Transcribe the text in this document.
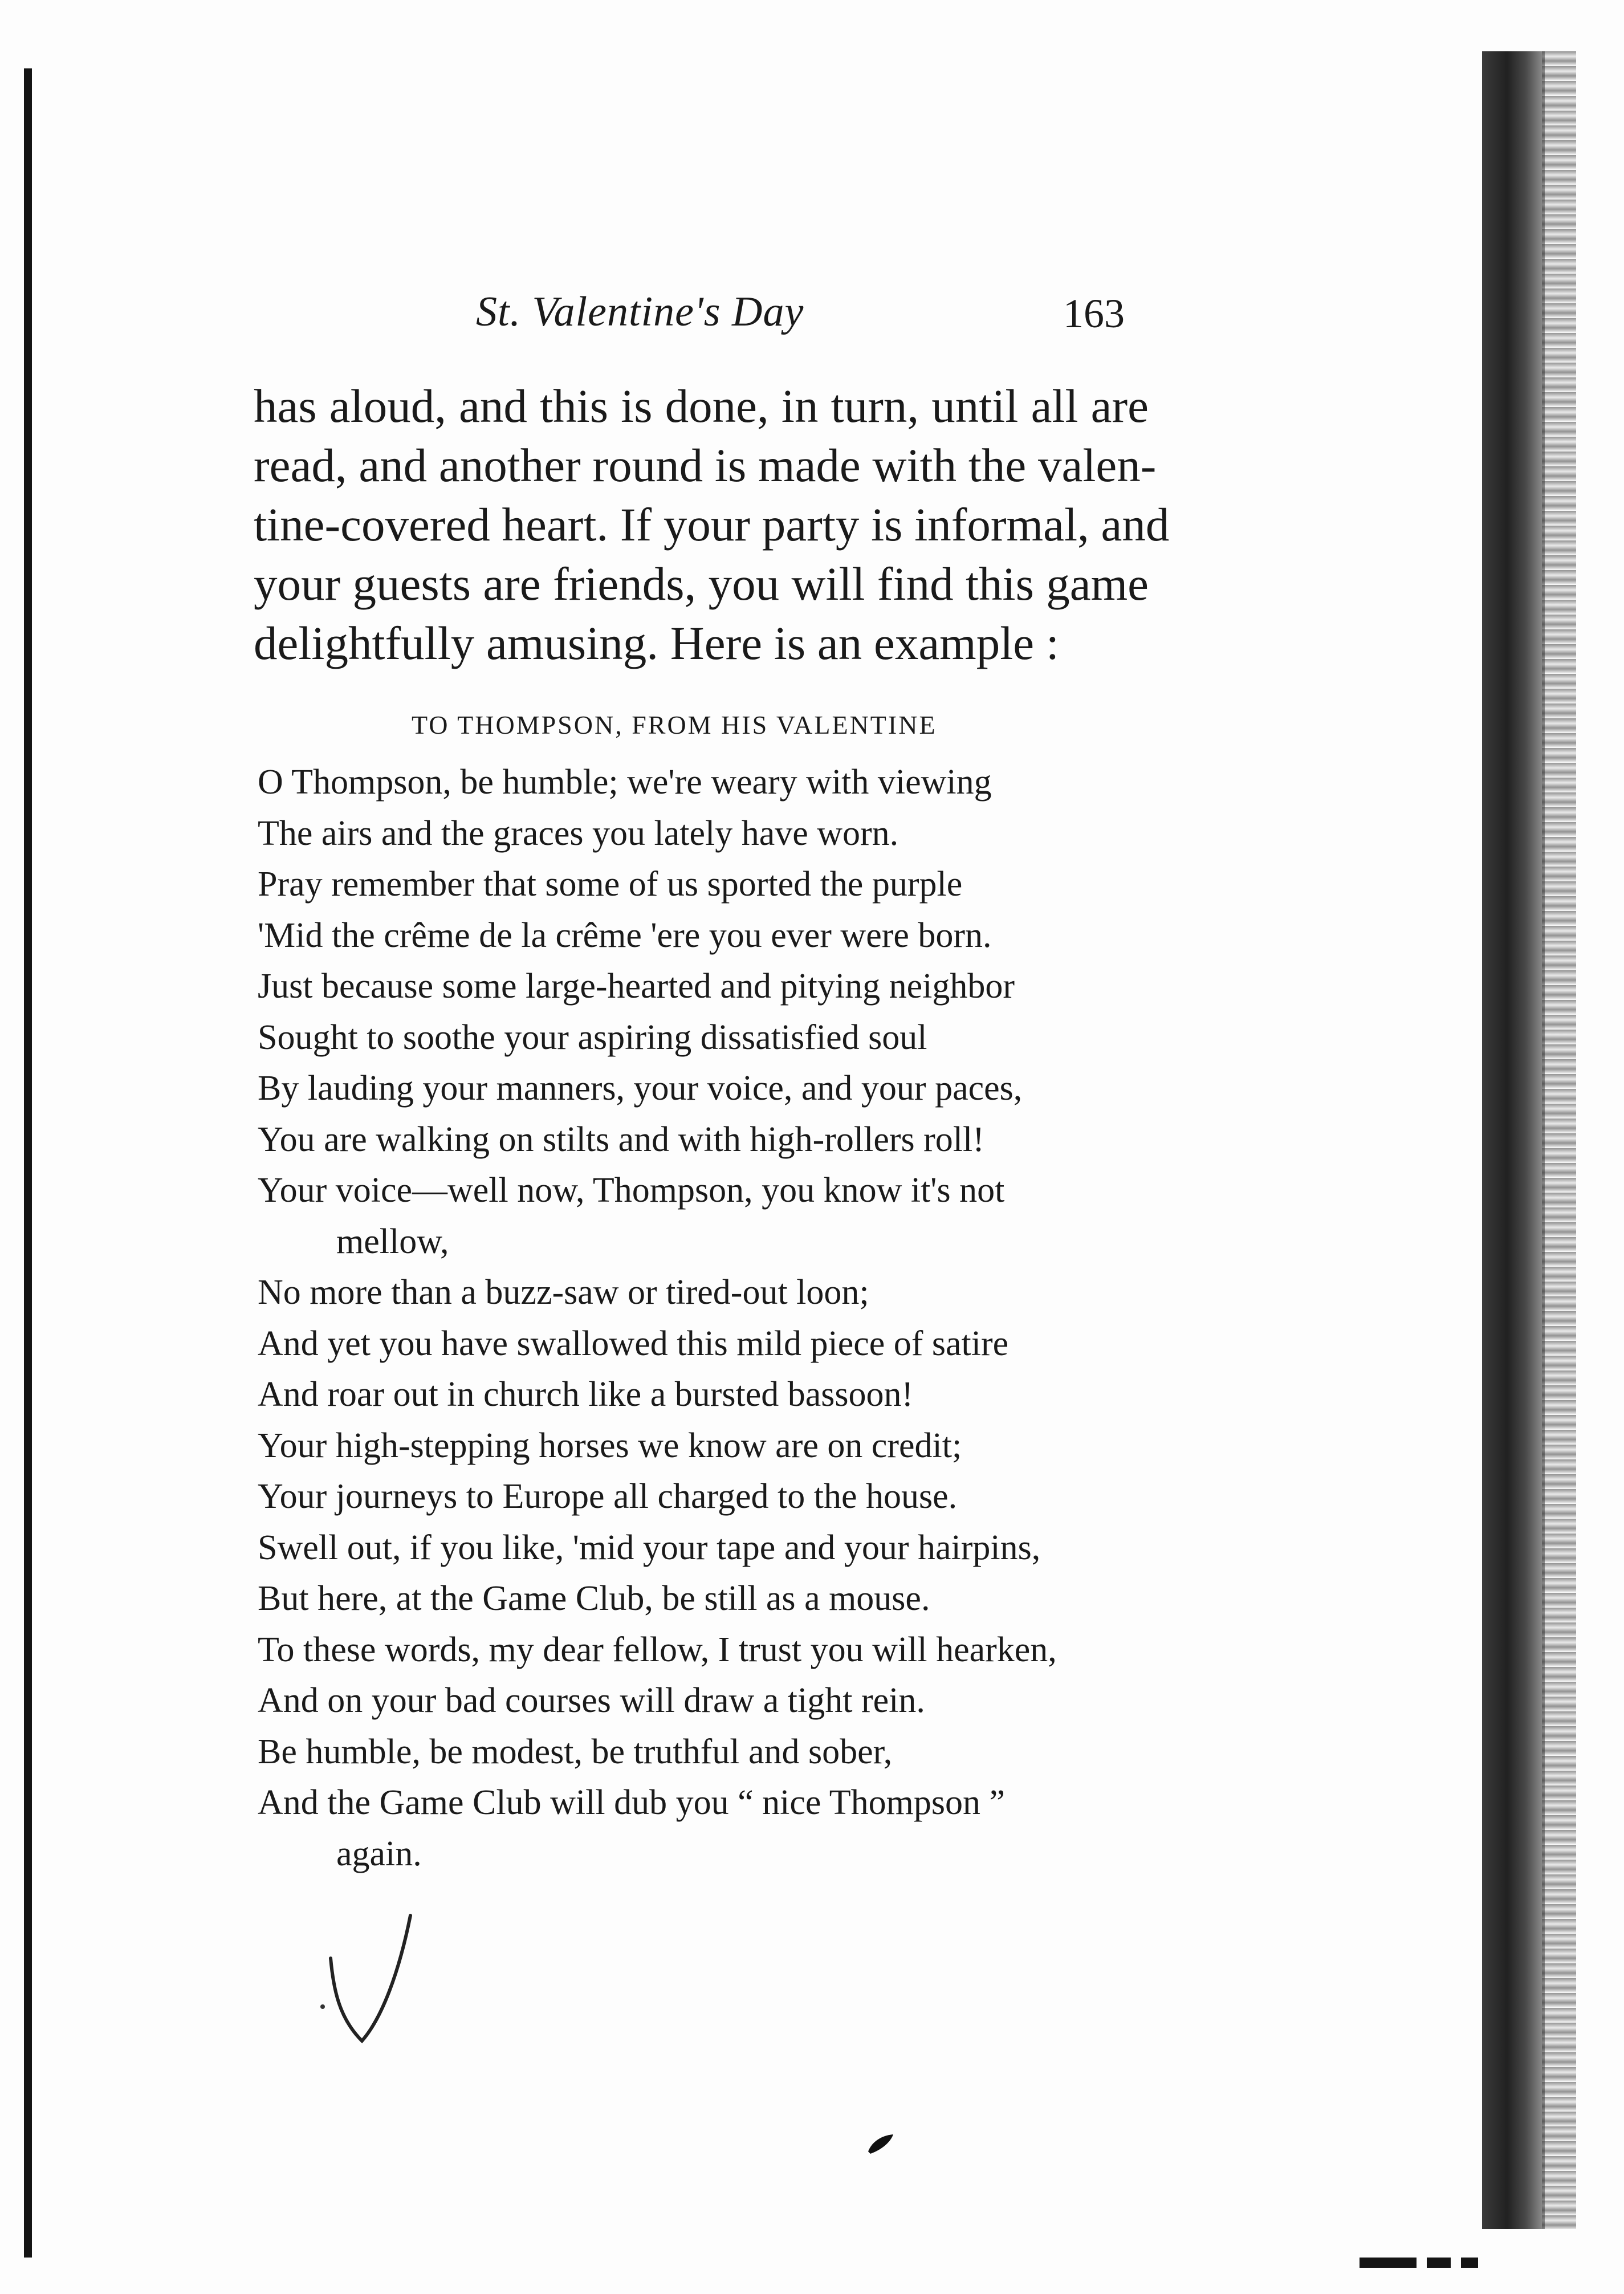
St. Valentine's Day	163
has aloud, and this is done, in turn, until all are
read, and another round is made with the valen-
tine-covered heart. If your party is informal, and
your guests are friends, you will find this game
delightfully amusing. Here is an example :
TO THOMPSON, FROM HIS VALENTINE
O Thompson, be humble; we're weary with viewing
The airs and the graces you lately have worn.
Pray remember that some of us sported the purple
'Mid the crême de la crême 'ere you ever were born.
Just because some large-hearted and pitying neighbor
Sought to soothe your aspiring dissatisfied soul
By lauding your manners, your voice, and your paces,
You are walking on stilts and with high-rollers roll!
Your voice—well now, Thompson, you know it's not
mellow,
No more than a buzz-saw or tired-out loon;
And yet you have swallowed this mild piece of satire
And roar out in church like a bursted bassoon!
Your high-stepping horses we know are on credit;
Your journeys to Europe all charged to the house.
Swell out, if you like, 'mid your tape and your hairpins,
But here, at the Game Club, be still as a mouse.
To these words, my dear fellow, I trust you will hearken,
And on your bad courses will draw a tight rein.
Be humble, be modest, be truthful and sober,
And the Game Club will dub you “ nice Thompson ”
again.
